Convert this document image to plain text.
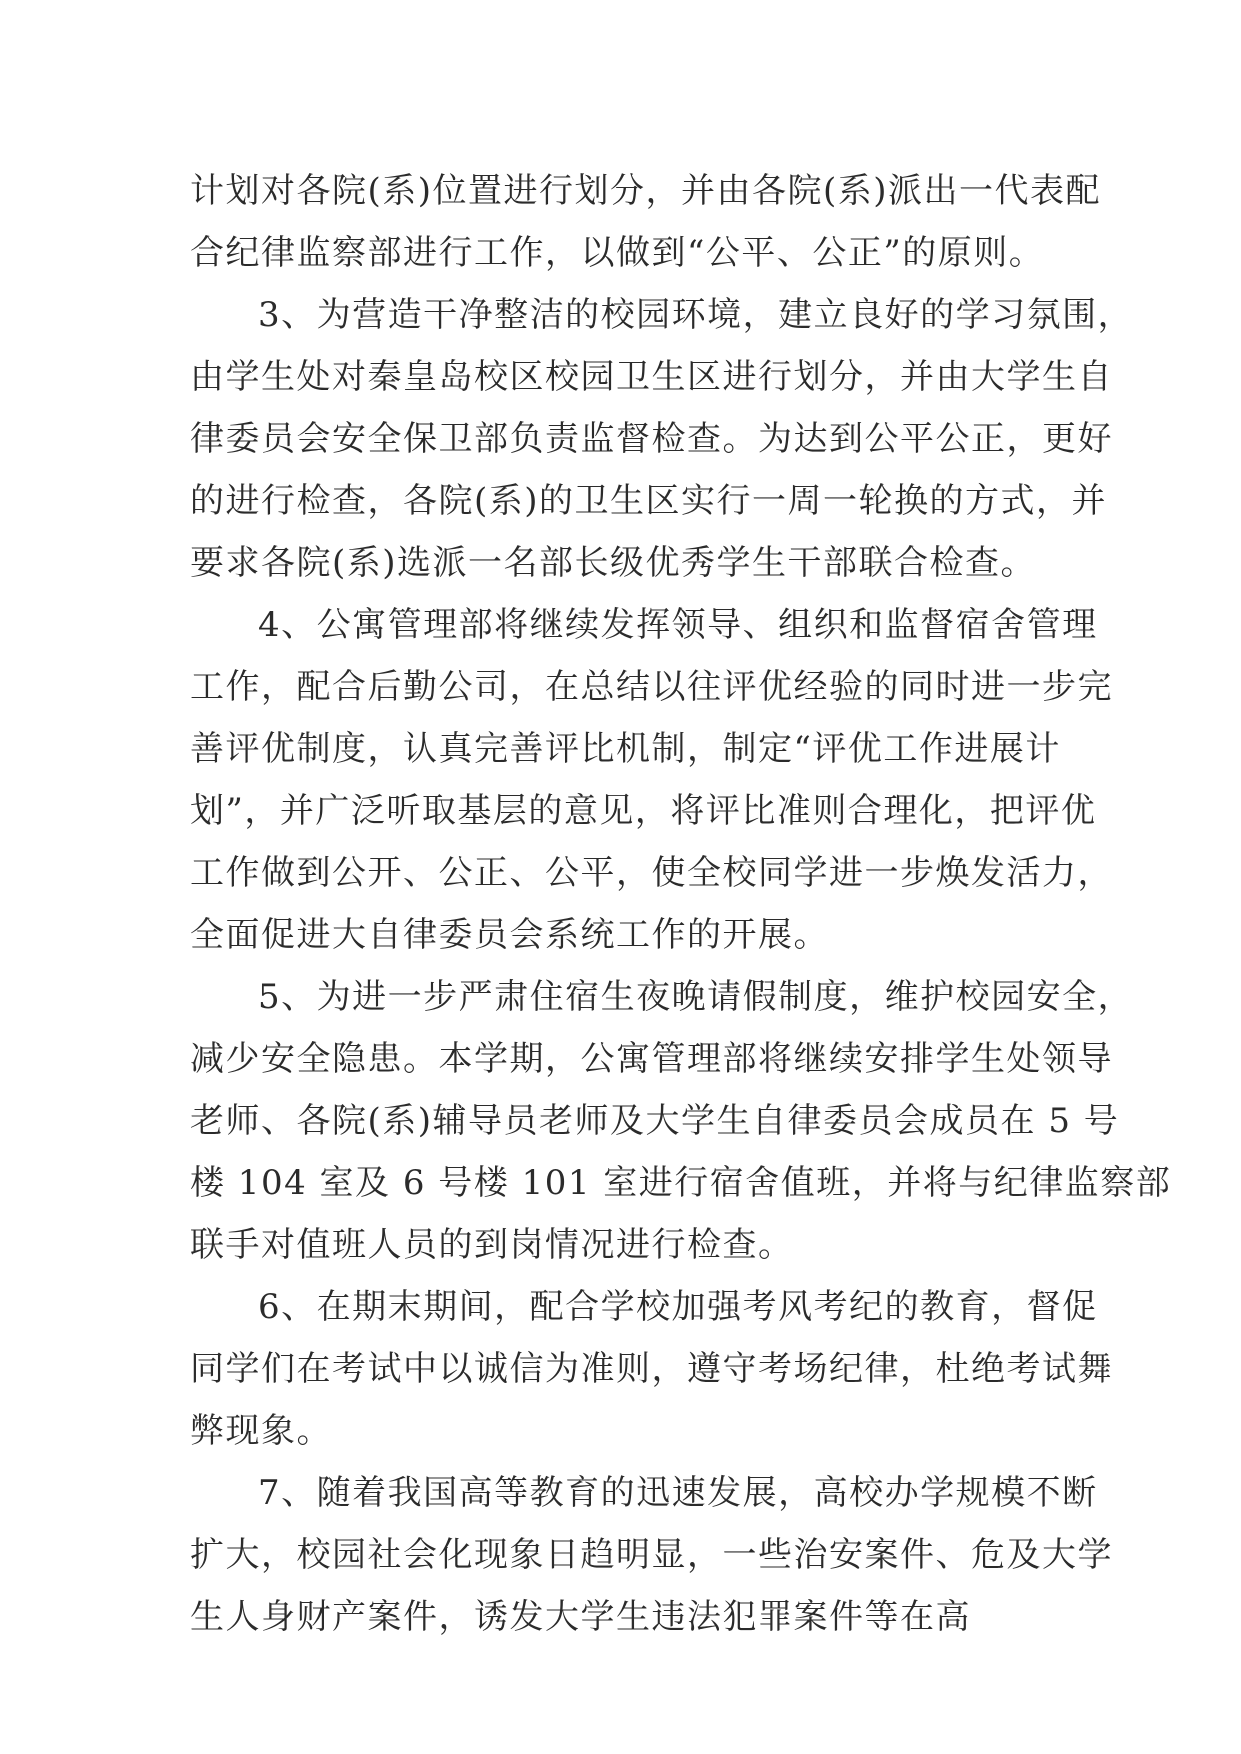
计划对各院(系)位置进行划分，并由各院(系)派出一代表配
合纪律监察部进行工作，以做到“公平、公正”的原则。
3、为营造干净整洁的校园环境，建立良好的学习氛围，
由学生处对秦皇岛校区校园卫生区进行划分，并由大学生自
律委员会安全保卫部负责监督检查。为达到公平公正，更好
的进行检查，各院(系)的卫生区实行一周一轮换的方式，并
要求各院(系)选派一名部长级优秀学生干部联合检查。
4、公寓管理部将继续发挥领导、组织和监督宿舍管理
工作，配合后勤公司，在总结以往评优经验的同时进一步完
善评优制度，认真完善评比机制，制定“评优工作进展计
划”，并广泛听取基层的意见，将评比准则合理化，把评优
工作做到公开、公正、公平，使全校同学进一步焕发活力，
全面促进大自律委员会系统工作的开展。
5、为进一步严肃住宿生夜晚请假制度，维护校园安全，
减少安全隐患。本学期，公寓管理部将继续安排学生处领导
老师、各院(系)辅导员老师及大学生自律委员会成员在 5 号
楼 104 室及 6 号楼 101 室进行宿舍值班，并将与纪律监察部
联手对值班人员的到岗情况进行检查。
6、在期末期间，配合学校加强考风考纪的教育，督促
同学们在考试中以诚信为准则，遵守考场纪律，杜绝考试舞
弊现象。
7、随着我国高等教育的迅速发展，高校办学规模不断
扩大，校园社会化现象日趋明显，一些治安案件、危及大学
生人身财产案件，诱发大学生违法犯罪案件等在高
